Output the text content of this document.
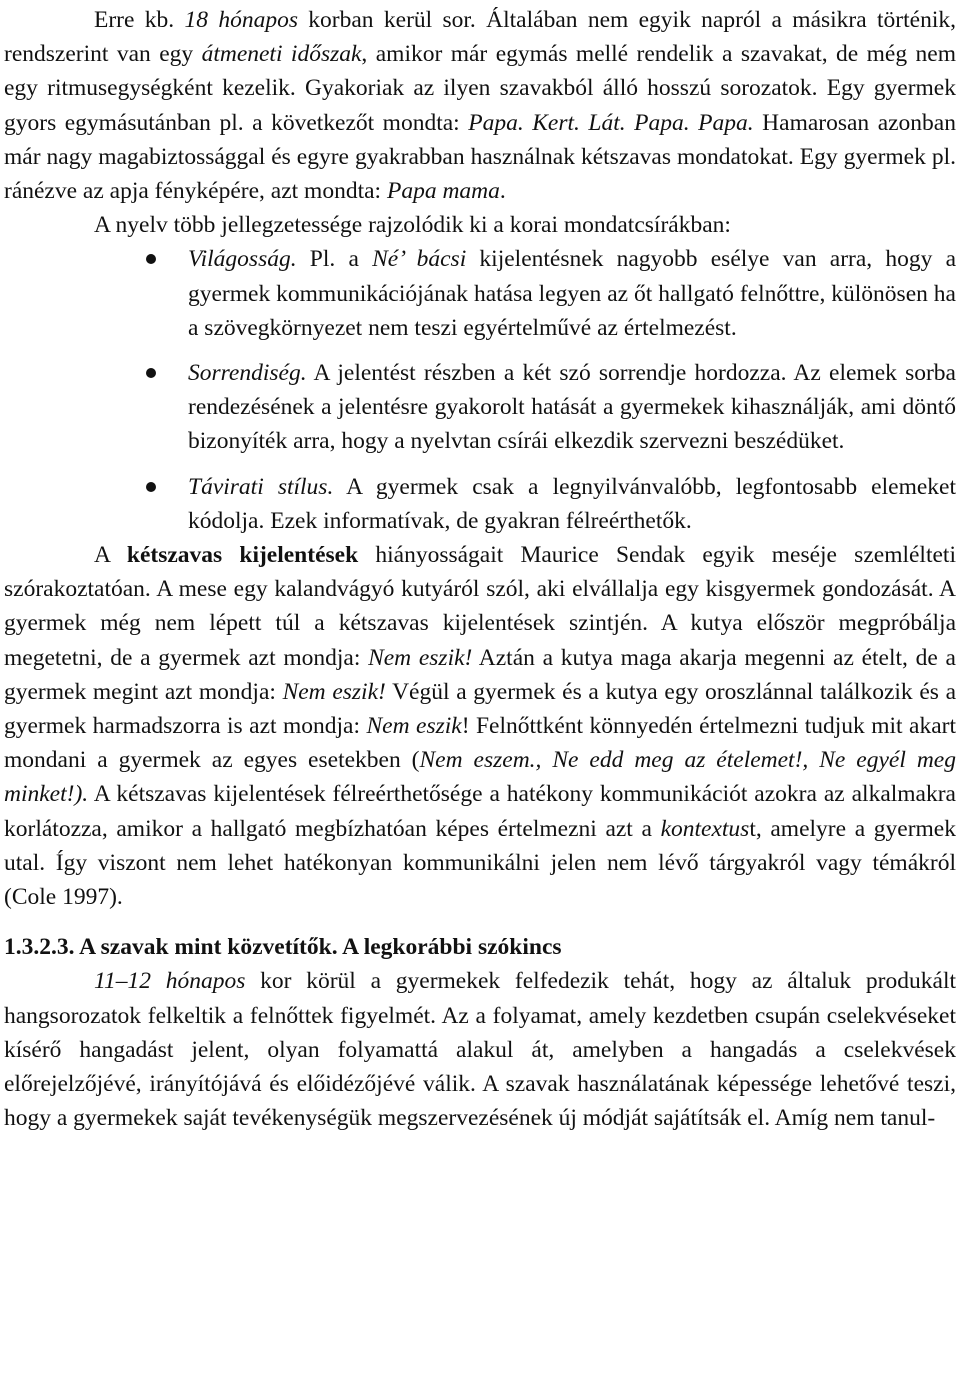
Erre kb. 18 hónapos korban kerül sor. Általában nem egyik napról a másikra történik, rendszerint van egy átmeneti időszak, amikor már egymás mellé rendelik a szavakat, de még nem egy ritmusegységként kezelik. Gyakoriak az ilyen szavakból álló hosszú sorozatok. Egy gyermek gyors egymásutánban pl. a következőt mondta: Papa. Kert. Lát. Papa. Papa. Hamarosan azonban már nagy magabiztossággal és egyre gyakrabban használnak kétszavas mondatokat. Egy gyermek pl. ránézve az apja fényképére, azt mondta: Papa mama.

A nyelv több jellegzetessége rajzolódik ki a korai mondatcsírákban:

Világosság. Pl. a Né’ bácsi kijelentésnek nagyobb esélye van arra, hogy a gyermek kommunikációjának hatása legyen az őt hallgató felnőttre, különösen ha a szövegkörnyezet nem teszi egyértelművé az értelmezést.
Sorrendiség. A jelentést részben a két szó sorrendje hordozza. Az elemek sorba rendezésének a jelentésre gyakorolt hatását a gyermekek kihasználják, ami döntő bizonyíték arra, hogy a nyelvtan csírái elkezdik szervezni beszédüket.
Távirati stílus. A gyermek csak a legnyilvánvalóbb, legfontosabb elemeket kódolja. Ezek informatívak, de gyakran félreérthetők.

A kétszavas kijelentések hiányosságait Maurice Sendak egyik meséje szemlélteti szórakoztatóan. A mese egy kalandvágyó kutyáról szól, aki elvállalja egy kisgyermek gondozását. A gyermek még nem lépett túl a kétszavas kijelentések szintjén. A kutya először megpróbálja megetetni, de a gyermek azt mondja: Nem eszik! Aztán a kutya maga akarja megenni az ételt, de a gyermek megint azt mondja: Nem eszik! Végül a gyermek és a kutya egy oroszlánnal találkozik és a gyermek harmadszorra is azt mondja: Nem eszik! Felnőttként könnyedén értelmezni tudjuk mit akart mondani a gyermek az egyes esetekben (Nem eszem., Ne edd meg az ételemet!, Ne egyél meg minket!). A kétszavas kijelentések félreérthetősége a hatékony kommunikációt azokra az alkalmakra korlátozza, amikor a hallgató megbízhatóan képes értelmezni azt a kontextust, amelyre a gyermek utal. Így viszont nem lehet hatékonyan kommunikálni jelen nem lévő tárgyakról vagy témákról (Cole 1997).

1.3.2.3. A szavak mint közvetítők. A legkorábbi szókincs

11–12 hónapos kor körül a gyermekek felfedezik tehát, hogy az általuk produkált hangsorozatok felkeltik a felnőttek figyelmét. Az a folyamat, amely kezdetben csupán cselekvéseket kísérő hangadást jelent, olyan folyamattá alakul át, amelyben a hangadás a cselekvések előrejelzőjévé, irányítójává és előidézőjévé válik. A szavak használatának képessége lehetővé teszi, hogy a gyermekek saját tevékenységük megszervezésének új módját sajátítsák el. Amíg nem tanul-
